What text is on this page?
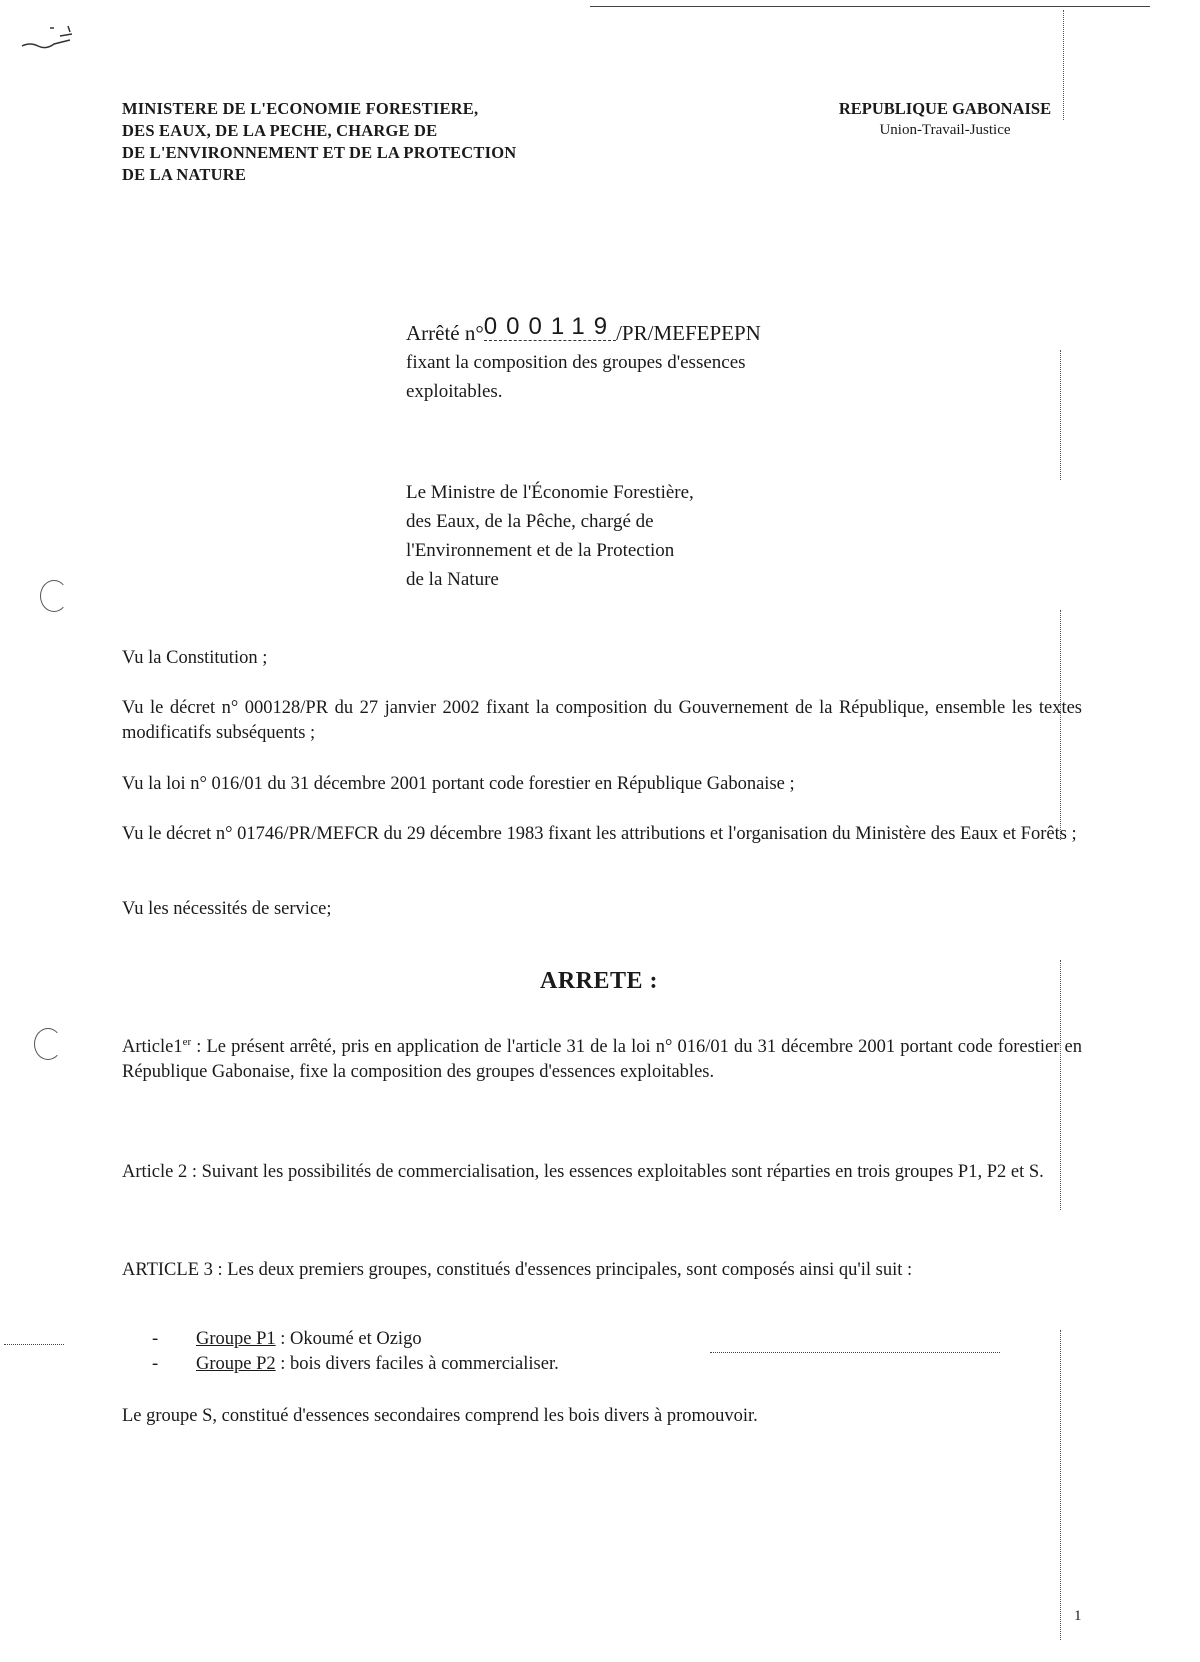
MINISTERE DE L'ECONOMIE FORESTIERE,
DES EAUX, DE LA PECHE, CHARGE DE
DE L'ENVIRONNEMENT ET DE LA PROTECTION
DE LA NATURE
REPUBLIQUE GABONAISE
Union-Travail-Justice
Arrêté n°000119/PR/MEFEPEPN
fixant la composition des groupes d'essences
exploitables.
Le Ministre de l'Économie Forestière,
des Eaux, de la Pêche, chargé de
l'Environnement et de la Protection
de la Nature
Vu la Constitution ;
Vu le décret n° 000128/PR du 27 janvier 2002 fixant la composition du Gouvernement de la République, ensemble les textes modificatifs subséquents ;
Vu la loi n° 016/01 du 31 décembre 2001 portant code forestier en République Gabonaise ;
Vu le décret n° 01746/PR/MEFCR du 29 décembre 1983 fixant les attributions et l'organisation du Ministère des Eaux et Forêts ;
Vu les nécessités de service;
ARRETE :
Article1er : Le présent arrêté, pris en application de l'article 31 de la loi n° 016/01 du 31 décembre 2001 portant code forestier en République Gabonaise, fixe la composition des groupes d'essences exploitables.
Article 2 : Suivant les possibilités de commercialisation, les essences exploitables sont réparties en trois groupes P1, P2 et S.
ARTICLE 3 : Les deux premiers groupes, constitués d'essences principales, sont composés ainsi qu'il suit :
- Groupe P1 : Okoumé et Ozigo
- Groupe P2 : bois divers faciles à commercialiser.
Le groupe S, constitué d'essences secondaires comprend les bois divers à promouvoir.
1
